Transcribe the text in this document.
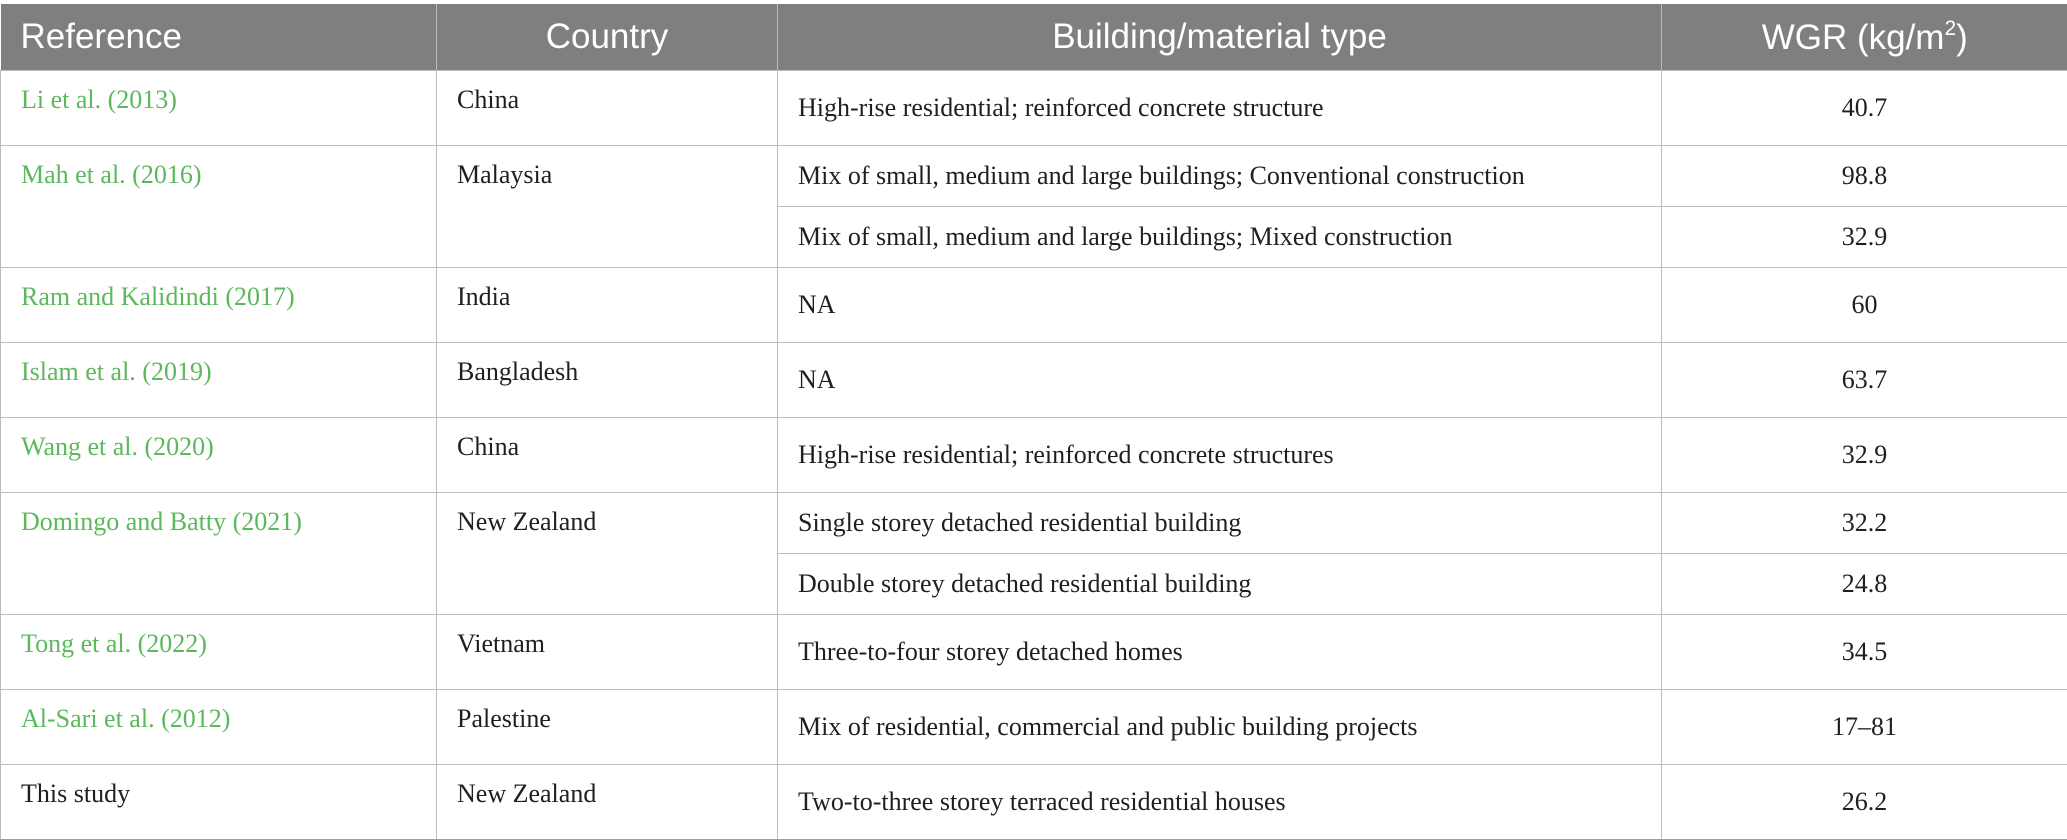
Reference	Country	Building/material type	WGR $(kg/m^2)$
Li et al. (2013)	China	High-rise residential; reinforced concrete structure	40.7
Mah et al. (2016)	Malaysia	Mix of small, medium and large buildings; Conventional construction	98.8
		Mix of small, medium and large buildings; Mixed construction	32.9
Ram and Kalidindi (2017)	India	NA	60
Islam et al. (2019)	Bangladesh	NA	63.7
Wang et al. (2020)	China	High-rise residential; reinforced concrete structures	32.9
Domingo and Batty (2021)	New Zealand	Single storey detached residential building	32.2
		Double storey detached residential building	24.8
Tong et al. (2022)	Vietnam	Three-to-four storey detached homes	34.5
Al-Sari et al. (2012)	Palestine	Mix of residential, commercial and public building projects	17–81
This study	New Zealand	Two-to-three storey terraced residential houses	26.2
